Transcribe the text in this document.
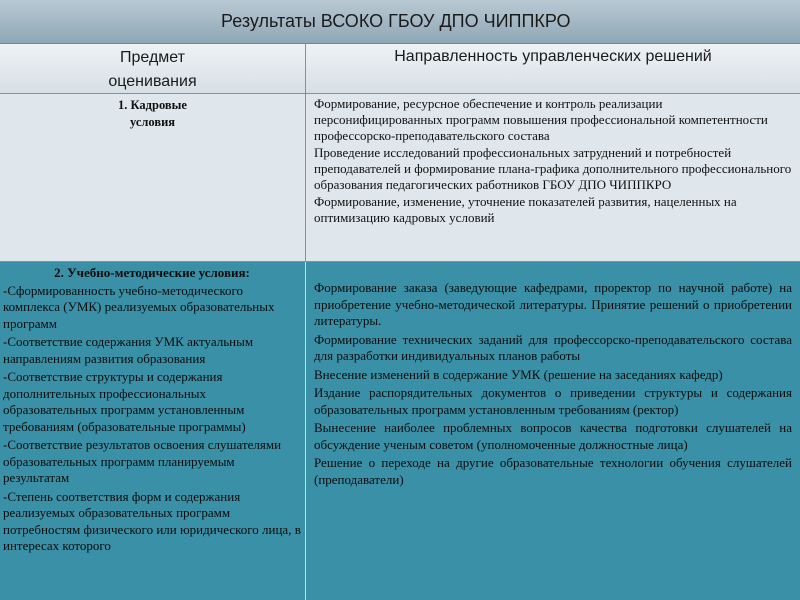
Результаты ВСОКО ГБОУ ДПО ЧИППКРО
Предмет
оценивания
Направленность управленческих решений
1. Кадровые
условия

Формирование, ресурсное обеспечение и контроль реализации персонифицированных программ повышения профессиональной компетентности профессорско-преподавательского состава

Проведение исследований профессиональных затруднений и потребностей преподавателей и формирование плана-графика дополнительного профессионального образования педагогических работников ГБОУ ДПО ЧИППКРО

Формирование, изменение, уточнение показателей развития, нацеленных на оптимизацию кадровых условий

2. Учебно-методические условия:

-Сформированность учебно-методического комплекса (УМК) реализуемых образовательных программ

-Соответствие содержания УМК актуальным направлениям развития образования

-Соответствие структуры и содержания дополнительных профессиональных образовательных программ установленным требованиям (образовательные программы)

-Соответствие результатов освоения слушателями образовательных программ планируемым результатам

-Степень соответствия форм и содержания реализуемых образовательных программ потребностям физического или юридического лица, в интересах которого

Формирование заказа (заведующие кафедрами, проректор по научной работе) на приобретение учебно-методической литературы. Принятие решений о приобретении литературы.

Формирование технических заданий для профессорско-преподавательского состава для разработки индивидуальных планов работы

Внесение изменений в содержание УМК (решение на заседаниях кафедр)

Издание распорядительных документов о приведении структуры и содержания образовательных программ установленным требованиям (ректор)

Вынесение наиболее проблемных вопросов качества подготовки слушателей на обсуждение ученым советом (уполномоченные должностные лица)

Решение о переходе на другие образовательные технологии обучения слушателей (преподаватели)
